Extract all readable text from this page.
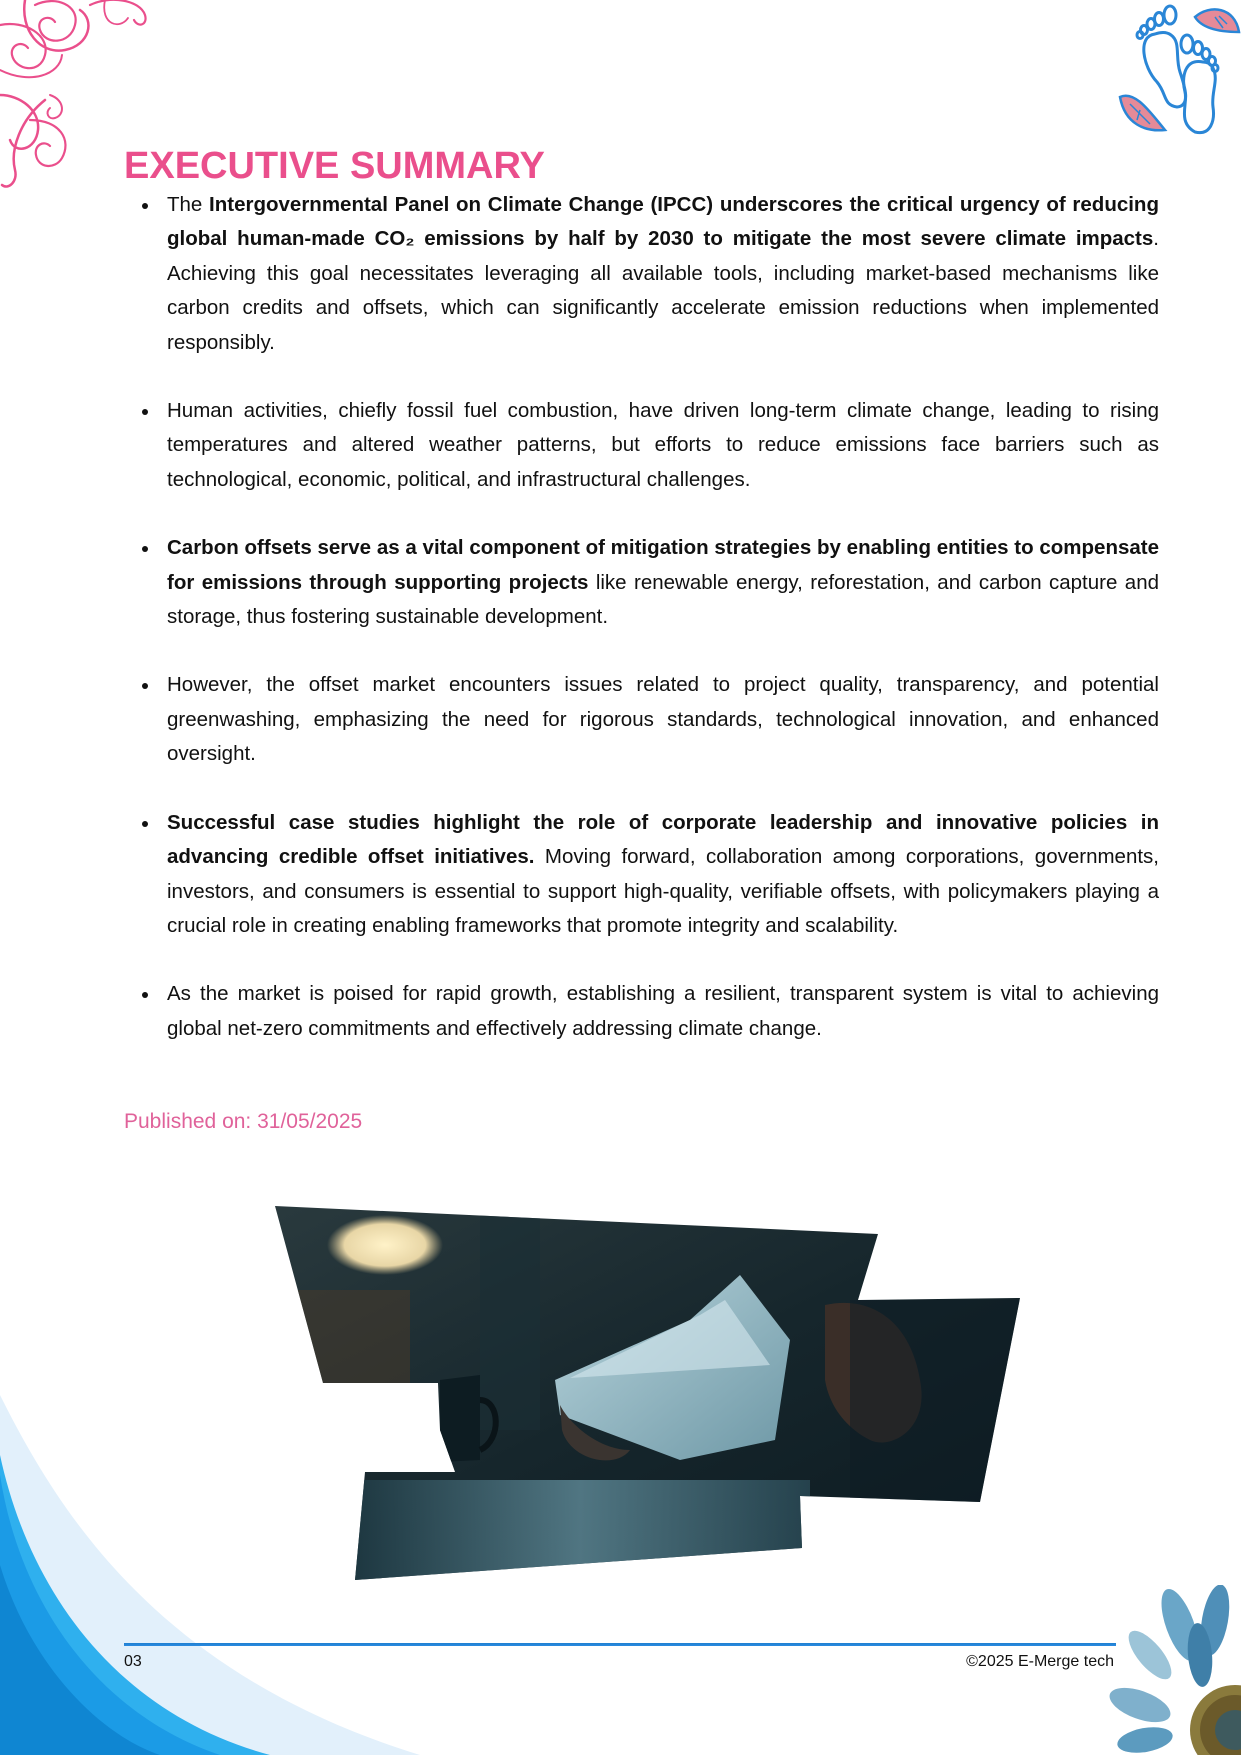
EXECUTIVE SUMMARY
The Intergovernmental Panel on Climate Change (IPCC) underscores the critical urgency of reducing global human-made CO₂ emissions by half by 2030 to mitigate the most severe climate impacts. Achieving this goal necessitates leveraging all available tools, including market-based mechanisms like carbon credits and offsets, which can significantly accelerate emission reductions when implemented responsibly.
Human activities, chiefly fossil fuel combustion, have driven long-term climate change, leading to rising temperatures and altered weather patterns, but efforts to reduce emissions face barriers such as technological, economic, political, and infrastructural challenges.
Carbon offsets serve as a vital component of mitigation strategies by enabling entities to compensate for emissions through supporting projects like renewable energy, reforestation, and carbon capture and storage, thus fostering sustainable development.
However, the offset market encounters issues related to project quality, transparency, and potential greenwashing, emphasizing the need for rigorous standards, technological innovation, and enhanced oversight.
Successful case studies highlight the role of corporate leadership and innovative policies in advancing credible offset initiatives. Moving forward, collaboration among corporations, governments, investors, and consumers is essential to support high-quality, verifiable offsets, with policymakers playing a crucial role in creating enabling frameworks that promote integrity and scalability.
As the market is poised for rapid growth, establishing a resilient, transparent system is vital to achieving global net-zero commitments and effectively addressing climate change.
Published on: 31/05/2025
03	©2025 E-Merge tech
